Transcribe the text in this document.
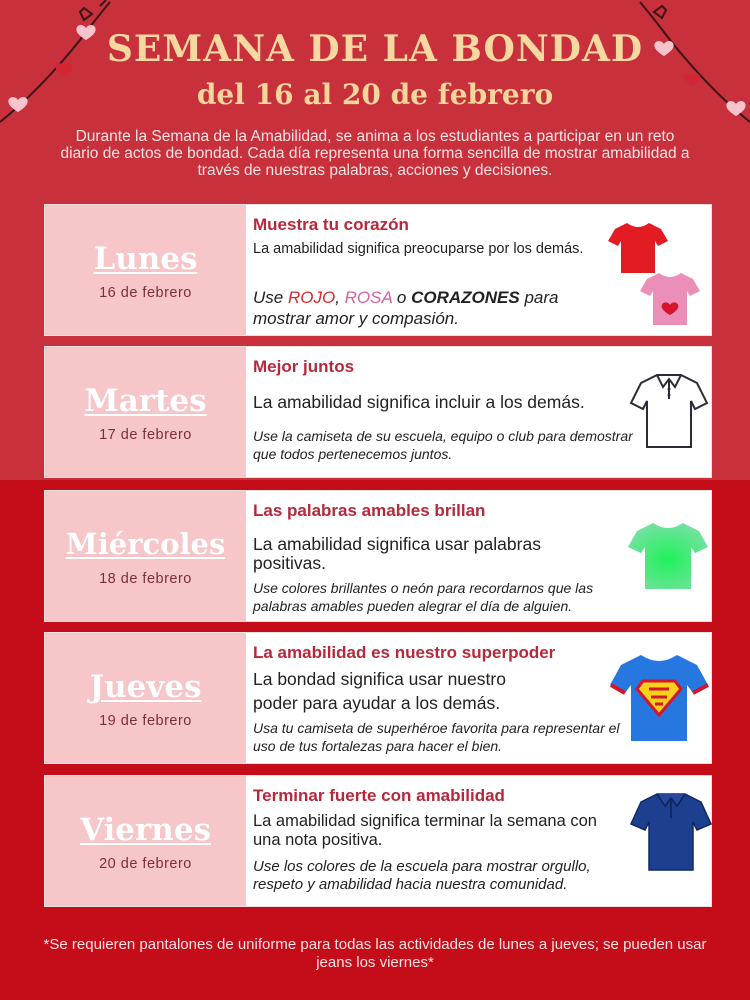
SEMANA DE LA BONDAD
del 16 al 20 de febrero
Durante la Semana de la Amabilidad, se anima a los estudiantes a participar en un reto diario de actos de bondad. Cada día representa una forma sencilla de mostrar amabilidad a través de nuestras palabras, acciones y decisiones.
Lunes
16 de febrero
Muestra tu corazón
La amabilidad significa preocuparse por los demás.
Use ROJO, ROSA o CORAZONES para mostrar amor y compasión.
Martes
17 de febrero
Mejor juntos
La amabilidad significa incluir a los demás.
Use la camiseta de su escuela, equipo o club para demostrar que todos pertenecemos juntos.
Miércoles
18 de febrero
Las palabras amables brillan
La amabilidad significa usar palabras positivas.
Use colores brillantes o neón para recordarnos que las palabras amables pueden alegrar el día de alguien.
Jueves
19 de febrero
La amabilidad es nuestro superpoder
La bondad significa usar nuestro poder para ayudar a los demás.
Usa tu camiseta de superhéroe favorita para representar el uso de tus fortalezas para hacer el bien.
Viernes
20 de febrero
Terminar fuerte con amabilidad
La amabilidad significa terminar la semana con una nota positiva.
Use los colores de la escuela para mostrar orgullo, respeto y amabilidad hacia nuestra comunidad.
*Se requieren pantalones de uniforme para todas las actividades de lunes a jueves; se pueden usar jeans los viernes*
